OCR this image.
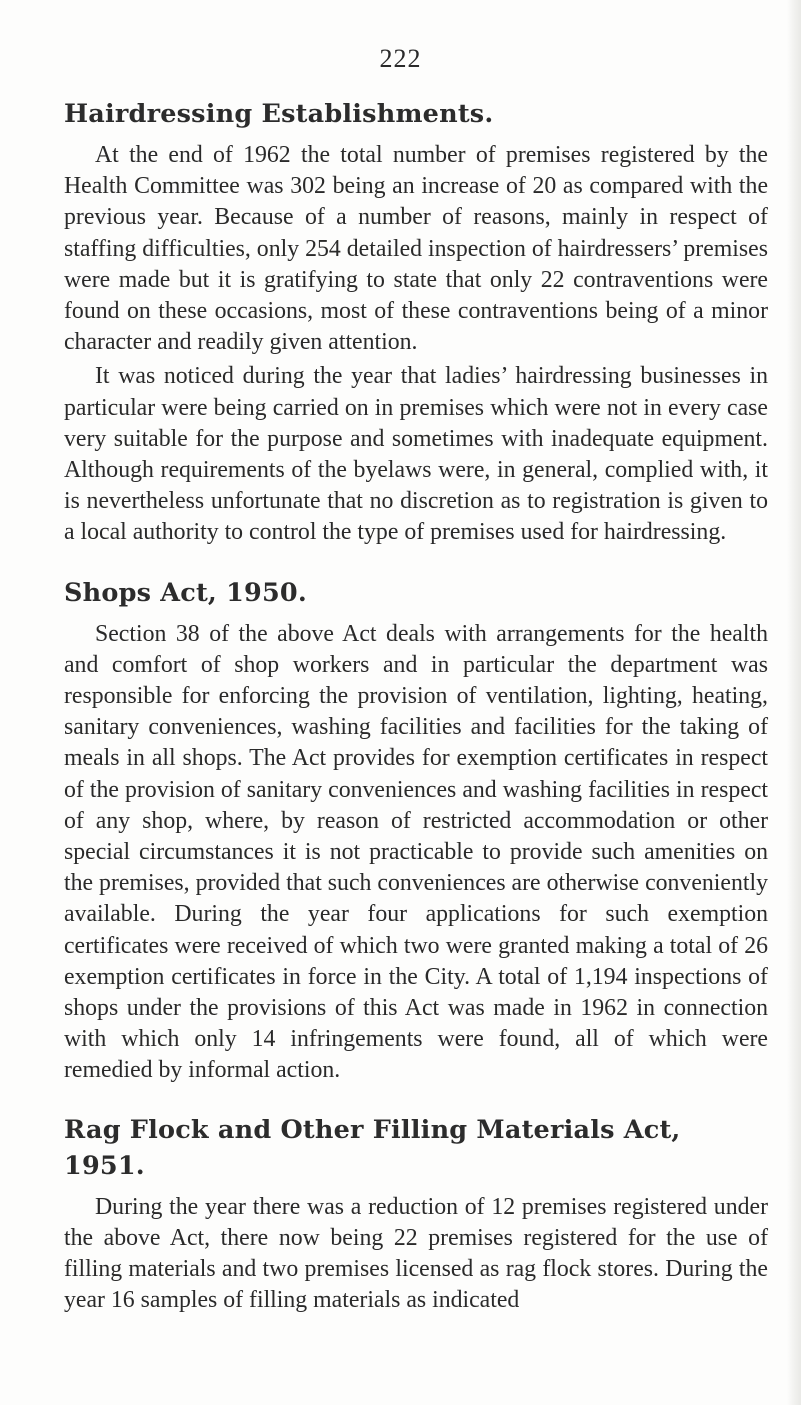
222
Hairdressing Establishments.

At the end of 1962 the total number of premises registered by the Health Committee was 302 being an increase of 20 as compared with the previous year. Because of a number of reasons, mainly in respect of staffing difficulties, only 254 detailed inspection of hairdressers’ premises were made but it is gratifying to state that only 22 contraventions were found on these occasions, most of these contraventions being of a minor character and readily given attention.

It was noticed during the year that ladies’ hairdressing businesses in particular were being carried on in premises which were not in every case very suitable for the purpose and sometimes with inadequate equipment. Although requirements of the byelaws were, in general, complied with, it is nevertheless unfortunate that no discretion as to registration is given to a local authority to control the type of premises used for hairdressing.

Shops Act, 1950.

Section 38 of the above Act deals with arrangements for the health and comfort of shop workers and in particular the department was responsible for enforcing the provision of ventilation, lighting, heating, sanitary conveniences, washing facilities and facilities for the taking of meals in all shops. The Act provides for exemption certificates in respect of the provision of sanitary conveniences and washing facilities in respect of any shop, where, by reason of restricted accommodation or other special circumstances it is not practicable to provide such amenities on the premises, provided that such conveniences are otherwise conveniently available. During the year four applications for such exemption certificates were received of which two were granted making a total of 26 exemption certificates in force in the City. A total of 1,194 inspections of shops under the provisions of this Act was made in 1962 in connection with which only 14 infringements were found, all of which were remedied by informal action.

Rag Flock and Other Filling Materials Act, 1951.

During the year there was a reduction of 12 premises registered under the above Act, there now being 22 premises registered for the use of filling materials and two premises licensed as rag flock stores. During the year 16 samples of filling materials as indicated
